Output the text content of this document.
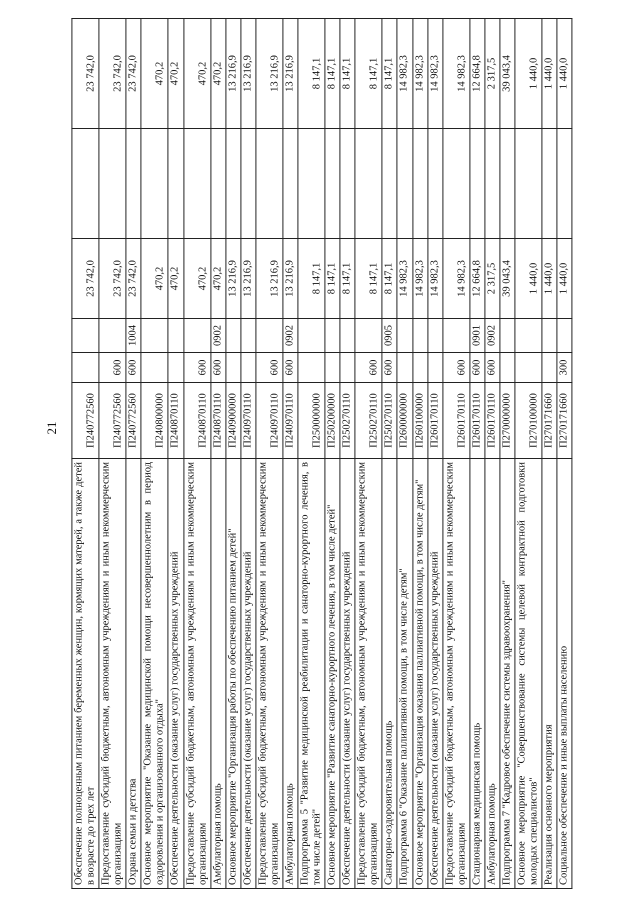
21
Обеспечение полноценным питанием беременных женщин, кормящих матерей, а также детей в возрасте до трех лет	П240772560			23 742,0		23 742,0
Предоставление субсидий бюджетным, автономным учреждениям и иным некоммерческим организациям	П240772560	600		23 742,0		23 742,0
Охрана семьи и детства	П240772560	600	1004	23 742,0		23 742,0
Основное мероприятие "Оказание медицинской помощи несовершеннолетним в период оздоровления и организованного отдыха"	П240800000			470,2		470,2
Обеспечение деятельности (оказание услуг) государственных учреждений	П240870110			470,2		470,2
Предоставление субсидий бюджетным, автономным учреждениям и иным некоммерческим организациям	П240870110	600		470,2		470,2
Амбулаторная помощь	П240870110	600	0902	470,2		470,2
Основное мероприятие "Организация работы по обеспечению питанием детей"	П240900000			13 216,9		13 216,9
Обеспечение деятельности (оказание услуг) государственных учреждений	П240970110			13 216,9		13 216,9
Предоставление субсидий бюджетным, автономным учреждениям и иным некоммерческим организациям	П240970110	600		13 216,9		13 216,9
Амбулаторная помощь	П240970110	600	0902	13 216,9		13 216,9
Подпрограмма 5 "Развитие медицинской реабилитации и санаторно-курортного лечения, в том числе детей"	П250000000			8 147,1		8 147,1
Основное мероприятие "Развитие санаторно-курортного лечения, в том числе детей"	П250200000			8 147,1		8 147,1
Обеспечение деятельности (оказание услуг) государственных учреждений	П250270110			8 147,1		8 147,1
Предоставление субсидий бюджетным, автономным учреждениям и иным некоммерческим организациям	П250270110	600		8 147,1		8 147,1
Санаторно-оздоровительная помощь	П250270110	600	0905	8 147,1		8 147,1
Подпрограмма 6 "Оказание паллиативной помощи, в том числе детям"	П260000000			14 982,3		14 982,3
Основное мероприятие "Организация оказания паллиативной помощи, в том числе детям"	П260100000			14 982,3		14 982,3
Обеспечение деятельности (оказание услуг) государственных учреждений	П260170110			14 982,3		14 982,3
Предоставление субсидий бюджетным, автономным учреждениям и иным некоммерческим организациям	П260170110	600		14 982,3		14 982,3
Стационарная медицинская помощь	П260170110	600	0901	12 664,8		12 664,8
Амбулаторная помощь	П260170110	600	0902	2 317,5		2 317,5
Подпрограмма 7 "Кадровое обеспечение системы здравоохранения"	П270000000			39 043,4		39 043,4
Основное мероприятие "Совершенствование системы целевой контрактной подготовки молодых специалистов"	П270100000			1 440,0		1 440,0
Реализация основного мероприятия	П270171660			1 440,0		1 440,0
Социальное обеспечение и иные выплаты населению	П270171660	300		1 440,0		1 440,0
